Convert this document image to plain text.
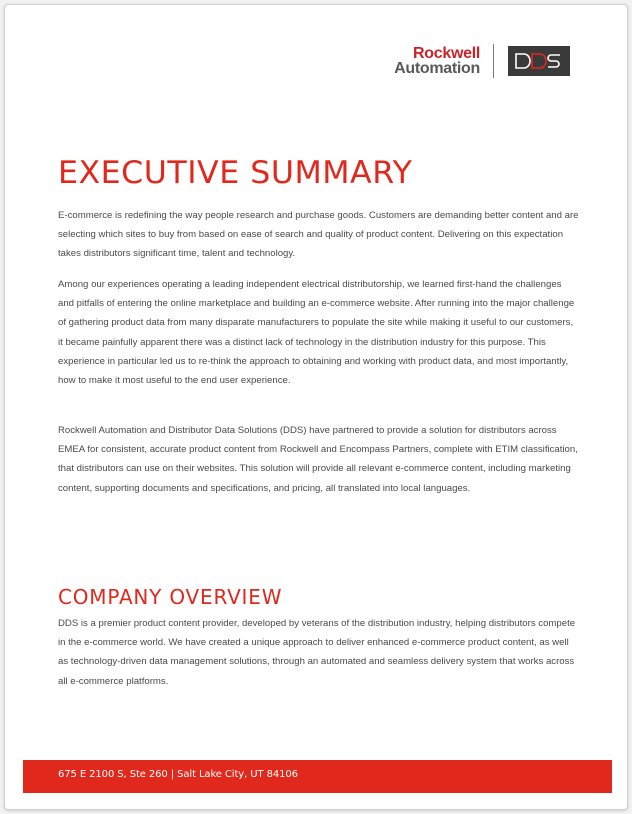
Rockwell
Automation
EXECUTIVE SUMMARY

E-commerce is redefining the way people research and purchase goods. Customers are demanding better content and are selecting which sites to buy from based on ease of search and quality of product content. Delivering on this expectation takes distributors significant time, talent and technology.

Among our experiences operating a leading independent electrical distributorship, we learned first-hand the challenges and pitfalls of entering the online marketplace and building an e-commerce website. After running into the major challenge of gathering product data from many disparate manufacturers to populate the site while making it useful to our customers, it became painfully apparent there was a distinct lack of technology in the distribution industry for this purpose. This experience in particular led us to re-think the approach to obtaining and working with product data, and most importantly, how to make it most useful to the end user experience.

Rockwell Automation and Distributor Data Solutions (DDS) have partnered to provide a solution for distributors across EMEA for consistent, accurate product content from Rockwell and Encompass Partners, complete with ETIM classification, that distributors can use on their websites. This solution will provide all relevant e-commerce content, including marketing content, supporting documents and specifications, and pricing, all translated into local languages.

COMPANY OVERVIEW

DDS is a premier product content provider, developed by veterans of the distribution industry, helping distributors compete in the e-commerce world. We have created a unique approach to deliver enhanced e-commerce product content, as well as technology-driven data management solutions, through an automated and seamless delivery system that works across all e-commerce platforms.

675 E 2100 S, Ste 260 | Salt Lake City, UT 84106
